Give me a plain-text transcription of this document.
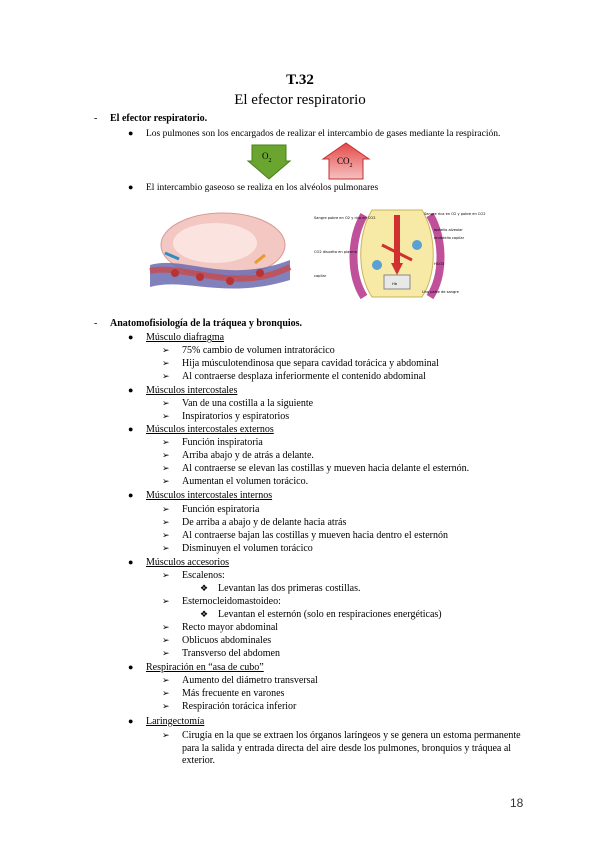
T.32
El efector respiratorio
- El efector respiratorio.
● Los pulmones son los encargados de realizar el intercambio de gases mediante la respiración.
$O_2$	$CO_2$
● El intercambio gaseoso se realiza en los alvéolos pulmonares
Sangre pobre en O2 y rica en CO2
Sangre rica en O2 y pobre en CO2
epitelio alveolar
endotelio capilar
CO2 disuelto en plasma
HCO3
Hb
capilar
Una parte de sangre
- Anatomofisiología de la tráquea y bronquios.
● Músculo diafragma
➢ 75% cambio de volumen intratorácico
➢ Hija músculotendinosa que separa cavidad torácica y abdominal
➢ Al contraerse desplaza inferiormente el contenido abdominal
● Músculos intercostales
➢ Van de una costilla a la siguiente
➢ Inspiratorios y espiratorios
● Músculos intercostales externos
➢ Función inspiratoria
➢ Arriba abajo y de atrás a delante.
➢ Al contraerse se elevan las costillas y mueven hacia delante el esternón.
➢ Aumentan el volumen torácico.
● Músculos intercostales internos
➢ Función espiratoria
➢ De arriba a abajo y de delante hacia atrás
➢ Al contraerse bajan las costillas y mueven hacia dentro el esternón
➢ Disminuyen el volumen torácico
● Músculos accesorios
➢ Escalenos:
❖ Levantan las dos primeras costillas.
➢ Esternocleidomastoideo:
❖ Levantan el esternón (solo en respiraciones energéticas)
➢ Recto mayor abdominal
➢ Oblicuos abdominales
➢ Transverso del abdomen
● Respiración en “asa de cubo”
➢ Aumento del diámetro transversal
➢ Más frecuente en varones
➢ Respiración torácica inferior
● Laringectomía
➢ Cirugía en la que se extraen los órganos laríngeos y se genera un estoma permanente para la salida y entrada directa del aire desde los pulmones, bronquios y tráquea al exterior.
18
